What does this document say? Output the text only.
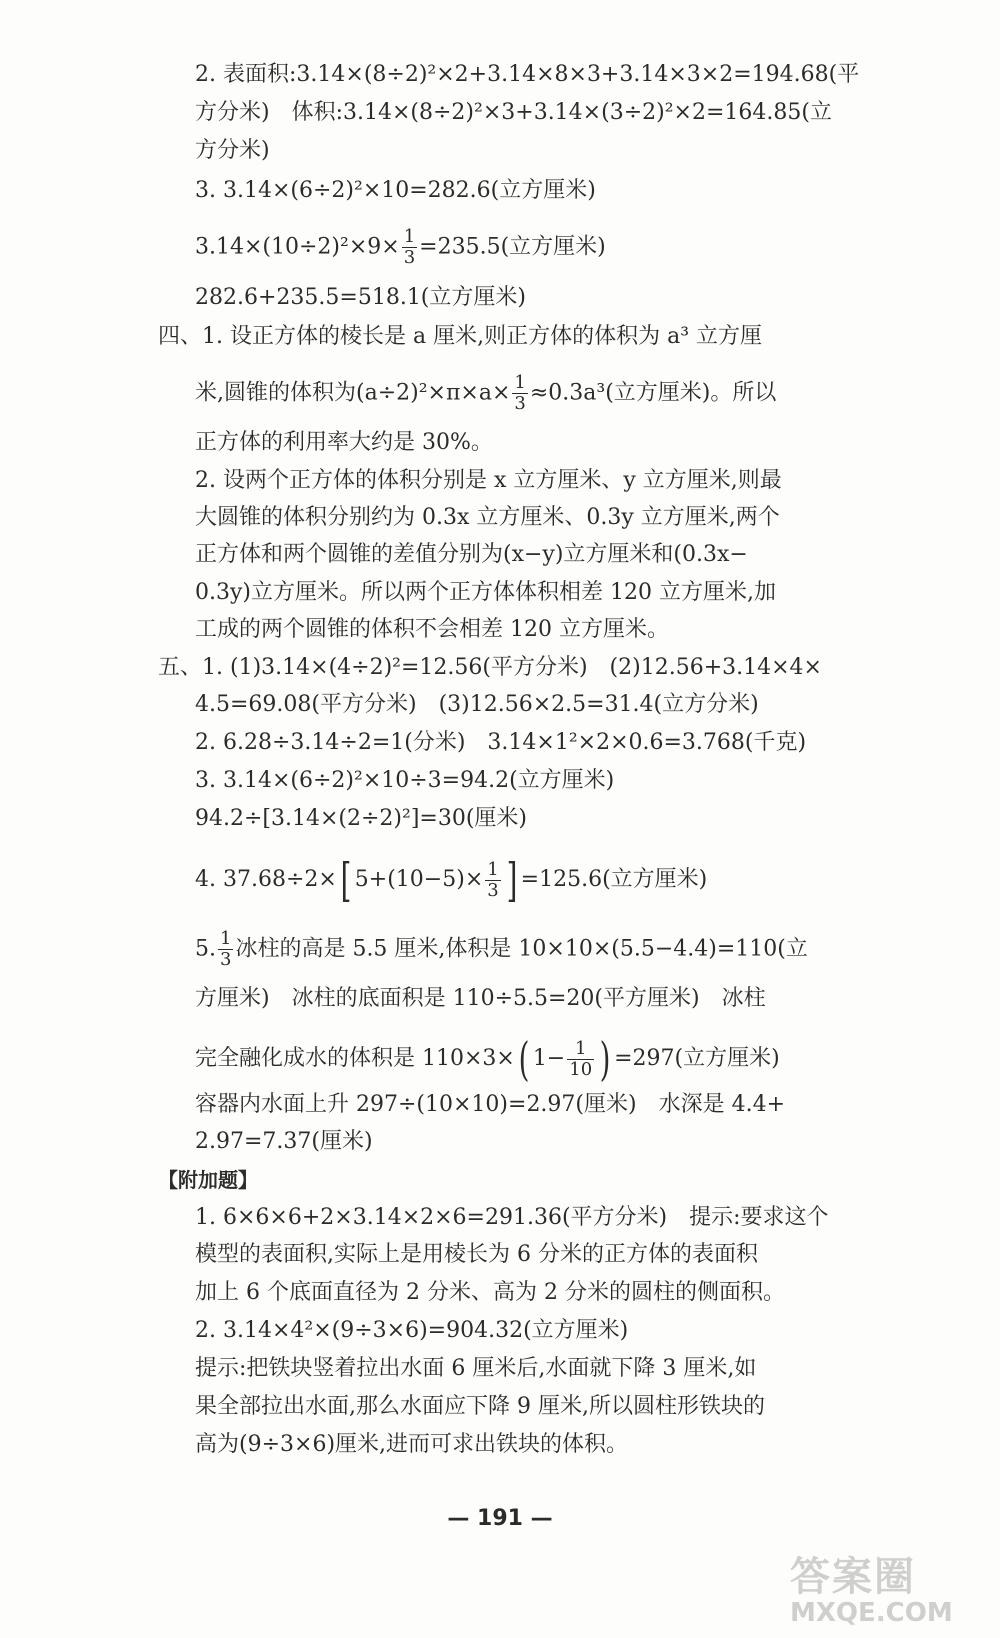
2. 表面积:3.14×(8÷2)²×2+3.14×8×3+3.14×3×2=194.68(平
方分米)　体积:3.14×(8÷2)²×3+3.14×(3÷2)²×2=164.85(立
方分米)
3. 3.14×(6÷2)²×10=282.6(立方厘米)
$3.14\times(10\div 2)^2\times 9\times \frac{1}{3} =235.5$(立方厘米)
282.6+235.5=518.1(立方厘米)
四、1. 设正方体的棱长是 a 厘米,则正方体的体积为 a³ 立方厘
米,圆锥的体积为$(a\div 2)^2\times\pi\times a\times \frac{1}{3} \approx 0.3a^3$(立方厘米)。所以
正方体的利用率大约是 30%。
2. 设两个正方体的体积分别是 x 立方厘米、y 立方厘米,则最
大圆锥的体积分别约为 0.3x 立方厘米、0.3y 立方厘米,两个
正方体和两个圆锥的差值分别为(x−y)立方厘米和(0.3x−
0.3y)立方厘米。所以两个正方体体积相差 120 立方厘米,加
工成的两个圆锥的体积不会相差 120 立方厘米。
五、1. (1)3.14×(4÷2)²=12.56(平方分米)　(2)12.56+3.14×4×
4.5=69.08(平方分米)　(3)12.56×2.5=31.4(立方分米)
2. 6.28÷3.14÷2=1(分米)　3.14×1²×2×0.6=3.768(千克)
3. 3.14×(6÷2)²×10÷3=94.2(立方厘米)
94.2÷[3.14×(2÷2)²]=30(厘米)
4. 37.68÷2×[ $5+(10-5)\times \frac{1}{3}$ ] =125.6(立方厘米)
5. $\frac{1}{3}$ 冰柱的高是 5.5 厘米,体积是 10×10×(5.5−4.4)=110(立
方厘米)　冰柱的底面积是 110÷5.5=20(平方厘米)　冰柱
完全融化成水的体积是 110×3×( $1- \frac{1}{10}$ ) =297(立方厘米)
容器内水面上升 297÷(10×10)=2.97(厘米)　水深是 4.4+
2.97=7.37(厘米)
【附加题】
1. 6×6×6+2×3.14×2×6=291.36(平方分米)　提示:要求这个
模型的表面积,实际上是用棱长为 6 分米的正方体的表面积
加上 6 个底面直径为 2 分米、高为 2 分米的圆柱的侧面积。
2. 3.14×4²×(9÷3×6)=904.32(立方厘米)
提示:把铁块竖着拉出水面 6 厘米后,水面就下降 3 厘米,如
果全部拉出水面,那么水面应下降 9 厘米,所以圆柱形铁块的
高为(9÷3×6)厘米,进而可求出铁块的体积。
— 191 —
答案圈
MXQE.COM
